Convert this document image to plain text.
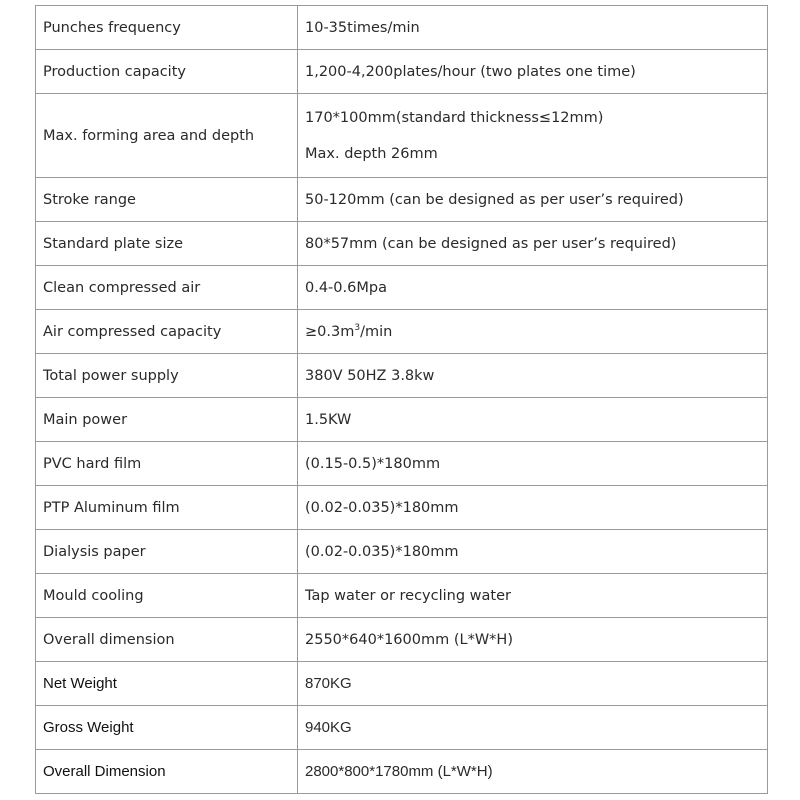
Punches frequency	10-35times/min
Production capacity	1,200-4,200plates/hour (two plates one time)
Max. forming area and depth	170*100mm(standard thickness≤12mm)
Max. depth 26mm

Stroke range	50-120mm (can be designed as per user’s required)
Standard plate size	80*57mm (can be designed as per user’s required)
Clean compressed air	0.4-0.6Mpa
Air compressed capacity	$\ge 0.3m^3/\min$
Total power supply	380V 50HZ 3.8kw
Main power	1.5KW
PVC hard film	(0.15-0.5)*180mm
PTP Aluminum film	(0.02-0.035)*180mm
Dialysis paper	(0.02-0.035)*180mm
Mould cooling	Tap water or recycling water
Overall dimension	2550*640*1600mm (L*W*H)
Net Weight	870KG
Gross Weight	940KG
Overall Dimension	2800*800*1780mm (L*W*H)
